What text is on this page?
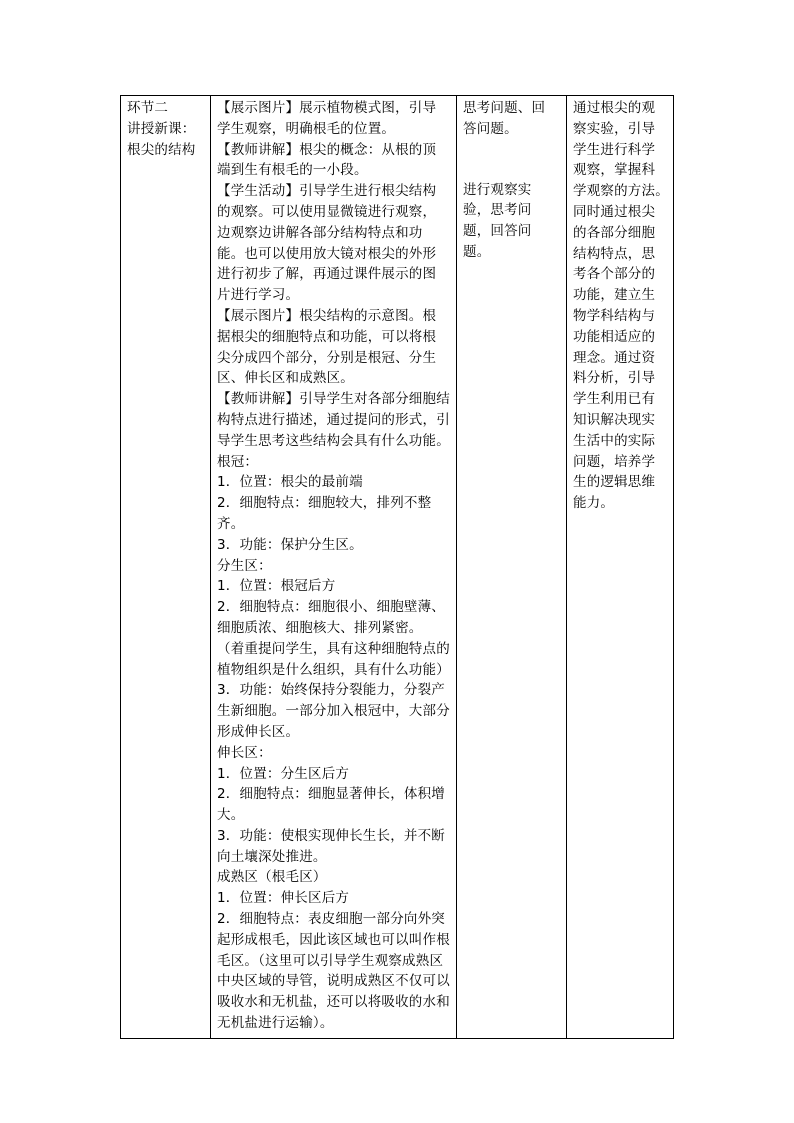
环节二
讲授新课：
根尖的结构

【展示图片】展示植物模式图，引导
学生观察，明确根毛的位置。
【教师讲解】根尖的概念：从根的顶
端到生有根毛的一小段。
【学生活动】引导学生进行根尖结构
的观察。可以使用显微镜进行观察，
边观察边讲解各部分结构特点和功
能。也可以使用放大镜对根尖的外形
进行初步了解，再通过课件展示的图
片进行学习。
【展示图片】根尖结构的示意图。根
据根尖的细胞特点和功能，可以将根
尖分成四个部分，分别是根冠、分生
区、伸长区和成熟区。
【教师讲解】引导学生对各部分细胞结
构特点进行描述，通过提问的形式，引
导学生思考这些结构会具有什么功能。
根冠：
1．位置：根尖的最前端
2．细胞特点：细胞较大，排列不整齐。
3．功能：保护分生区。
分生区：
1．位置：根冠后方
2．细胞特点：细胞很小、细胞壁薄、
细胞质浓、细胞核大、排列紧密。
（着重提问学生，具有这种细胞特点的
植物组织是什么组织，具有什么功能）
3．功能：始终保持分裂能力，分裂产
生新细胞。一部分加入根冠中，大部分
形成伸长区。
伸长区：
1．位置：分生区后方
2．细胞特点：细胞显著伸长，体积增
大。
3．功能：使根实现伸长生长，并不断
向土壤深处推进。
成熟区（根毛区）
1．位置：伸长区后方
2．细胞特点：表皮细胞一部分向外突
起形成根毛，因此该区域也可以叫作根
毛区。（这里可以引导学生观察成熟区
中央区域的导管，说明成熟区不仅可以
吸收水和无机盐，还可以将吸收的水和
无机盐进行运输）。

思考问题、回
答问题。
进行观察实
验，思考问
题，回答问
题。

通过根尖的观
察实验，引导
学生进行科学
观察，掌握科
学观察的方法。
同时通过根尖
的各部分细胞
结构特点，思
考各个部分的
功能，建立生
物学科结构与
功能相适应的
理念。通过资
料分析，引导
学生利用已有
知识解决现实
生活中的实际
问题，培养学
生的逻辑思维
能力。
